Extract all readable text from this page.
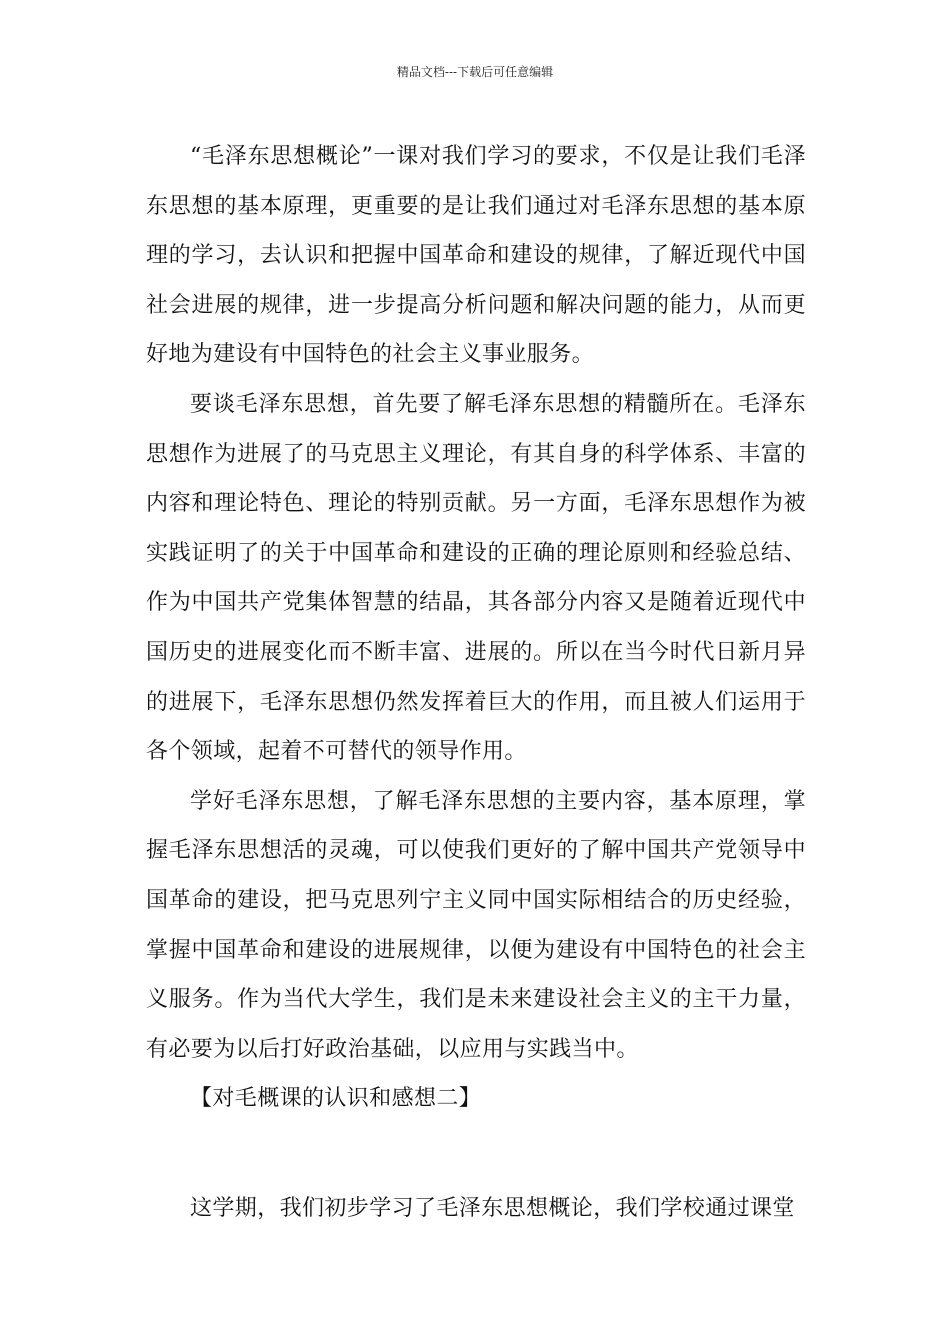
精品文档---下载后可任意编辑

“毛泽东思想概论”一课对我们学习的要求，不仅是让我们毛泽东思想的基本原理，更重要的是让我们通过对毛泽东思想的基本原理的学习，去认识和把握中国革命和建设的规律，了解近现代中国社会进展的规律，进一步提高分析问题和解决问题的能力，从而更好地为建设有中国特色的社会主义事业服务。

要谈毛泽东思想，首先要了解毛泽东思想的精髓所在。毛泽东思想作为进展了的马克思主义理论，有其自身的科学体系、丰富的内容和理论特色、理论的特别贡献。另一方面，毛泽东思想作为被实践证明了的关于中国革命和建设的正确的理论原则和经验总结、作为中国共产党集体智慧的结晶，其各部分内容又是随着近现代中国历史的进展变化而不断丰富、进展的。所以在当今时代日新月异的进展下，毛泽东思想仍然发挥着巨大的作用，而且被人们运用于各个领域，起着不可替代的领导作用。

学好毛泽东思想，了解毛泽东思想的主要内容，基本原理，掌握毛泽东思想活的灵魂，可以使我们更好的了解中国共产党领导中国革命的建设，把马克思列宁主义同中国实际相结合的历史经验，掌握中国革命和建设的进展规律，以便为建设有中国特色的社会主义服务。作为当代大学生，我们是未来建设社会主义的主干力量，有必要为以后打好政治基础，以应用与实践当中。

【对毛概课的认识和感想二】

这学期，我们初步学习了毛泽东思想概论，我们学校通过课堂
